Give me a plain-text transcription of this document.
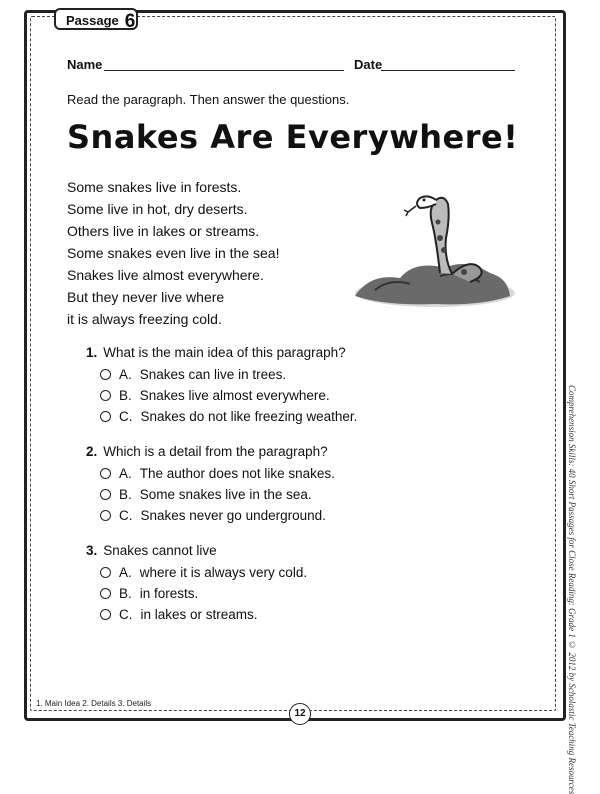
Passage 6
Name	Date
Read the paragraph. Then answer the questions.
Snakes Are Everywhere!
Some snakes live in forests.
Some live in hot, dry deserts.
Others live in lakes or streams.
Some snakes even live in the sea!
Snakes live almost everywhere.
But they never live where
it is always freezing cold.
1. What is the main idea of this paragraph?
A. Snakes can live in trees.
B. Snakes live almost everywhere.
C. Snakes do not like freezing weather.
2. Which is a detail from the paragraph?
A. The author does not like snakes.
B. Some snakes live in the sea.
C. Snakes never go underground.
3. Snakes cannot live
A. where it is always very cold.
B. in forests.
C. in lakes or streams.	Comprehension Skills: 40 Short Passages for Close Reading: Grade 1 © 2012 by Scholastic Teaching Resources
1. Main Idea 2. Details 3. Details
12
